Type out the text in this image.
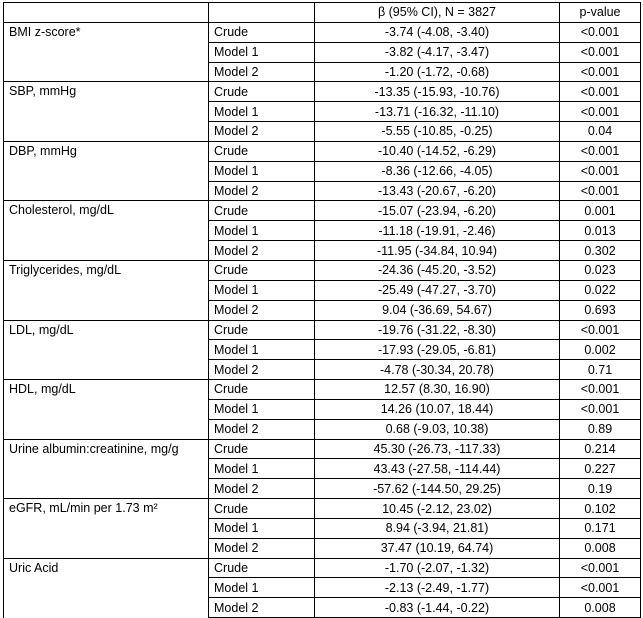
		β (95% CI), N = 3827	p-value
BMI z-score*	Crude	-3.74 (-4.08, -3.40)	<0.001
	Model 1	-3.82 (-4.17, -3.47)	<0.001
	Model 2	-1.20 (-1.72, -0.68)	<0.001
SBP, mmHg	Crude	-13.35 (-15.93, -10.76)	<0.001
	Model 1	-13.71 (-16.32, -11.10)	<0.001
	Model 2	-5.55 (-10.85, -0.25)	0.04
DBP, mmHg	Crude	-10.40 (-14.52, -6.29)	<0.001
	Model 1	-8.36 (-12.66, -4.05)	<0.001
	Model 2	-13.43 (-20.67, -6.20)	<0.001
Cholesterol, mg/dL	Crude	-15.07 (-23.94, -6.20)	0.001
	Model 1	-11.18 (-19.91, -2.46)	0.013
	Model 2	-11.95 (-34.84, 10.94)	0.302
Triglycerides, mg/dL	Crude	-24.36 (-45.20, -3.52)	0.023
	Model 1	-25.49 (-47.27, -3.70)	0.022
	Model 2	9.04 (-36.69, 54.67)	0.693
LDL, mg/dL	Crude	-19.76 (-31.22, -8.30)	<0.001
	Model 1	-17.93 (-29.05, -6.81)	0.002
	Model 2	-4.78 (-30.34, 20.78)	0.71
HDL, mg/dL	Crude	12.57 (8.30, 16.90)	<0.001
	Model 1	14.26 (10.07, 18.44)	<0.001
	Model 2	0.68 (-9.03, 10.38)	0.89
Urine albumin:creatinine, mg/g	Crude	45.30 (-26.73, -117.33)	0.214
	Model 1	43.43 (-27.58, -114.44)	0.227
	Model 2	-57.62 (-144.50, 29.25)	0.19
eGFR, mL/min per 1.73 m²	Crude	10.45 (-2.12, 23.02)	0.102
	Model 1	8.94 (-3.94, 21.81)	0.171
	Model 2	37.47 (10.19, 64.74)	0.008
Uric Acid	Crude	-1.70 (-2.07, -1.32)	<0.001
	Model 1	-2.13 (-2.49, -1.77)	<0.001
	Model 2	-0.83 (-1.44, -0.22)	0.008
